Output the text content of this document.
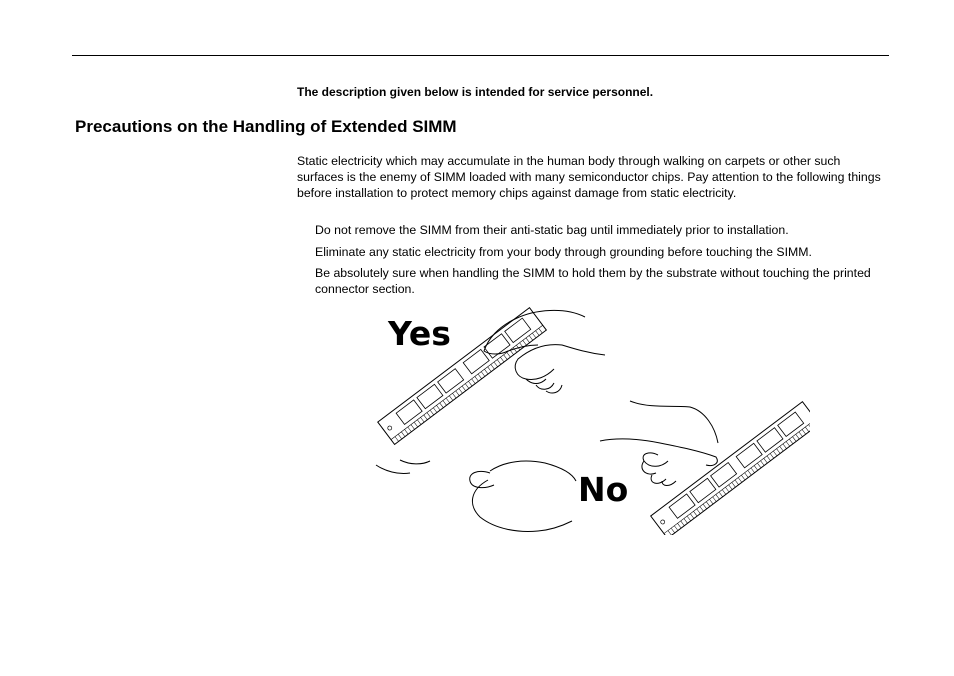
The description given below is intended for service personnel.
Precautions on the Handling of Extended SIMM

Static electricity which may accumulate in the human body through walking on carpets or other such surfaces is the enemy of SIMM loaded with many semiconductor chips. Pay attention to the following things before installation to protect memory chips against damage from static electricity.

Do not remove the SIMM from their anti-static bag until immediately prior to installation.
Eliminate any static electricity from your body through grounding before touching the SIMM.
Be absolutely sure when handling the SIMM to hold them by the substrate without touching the printed connector section.
Yes
No
